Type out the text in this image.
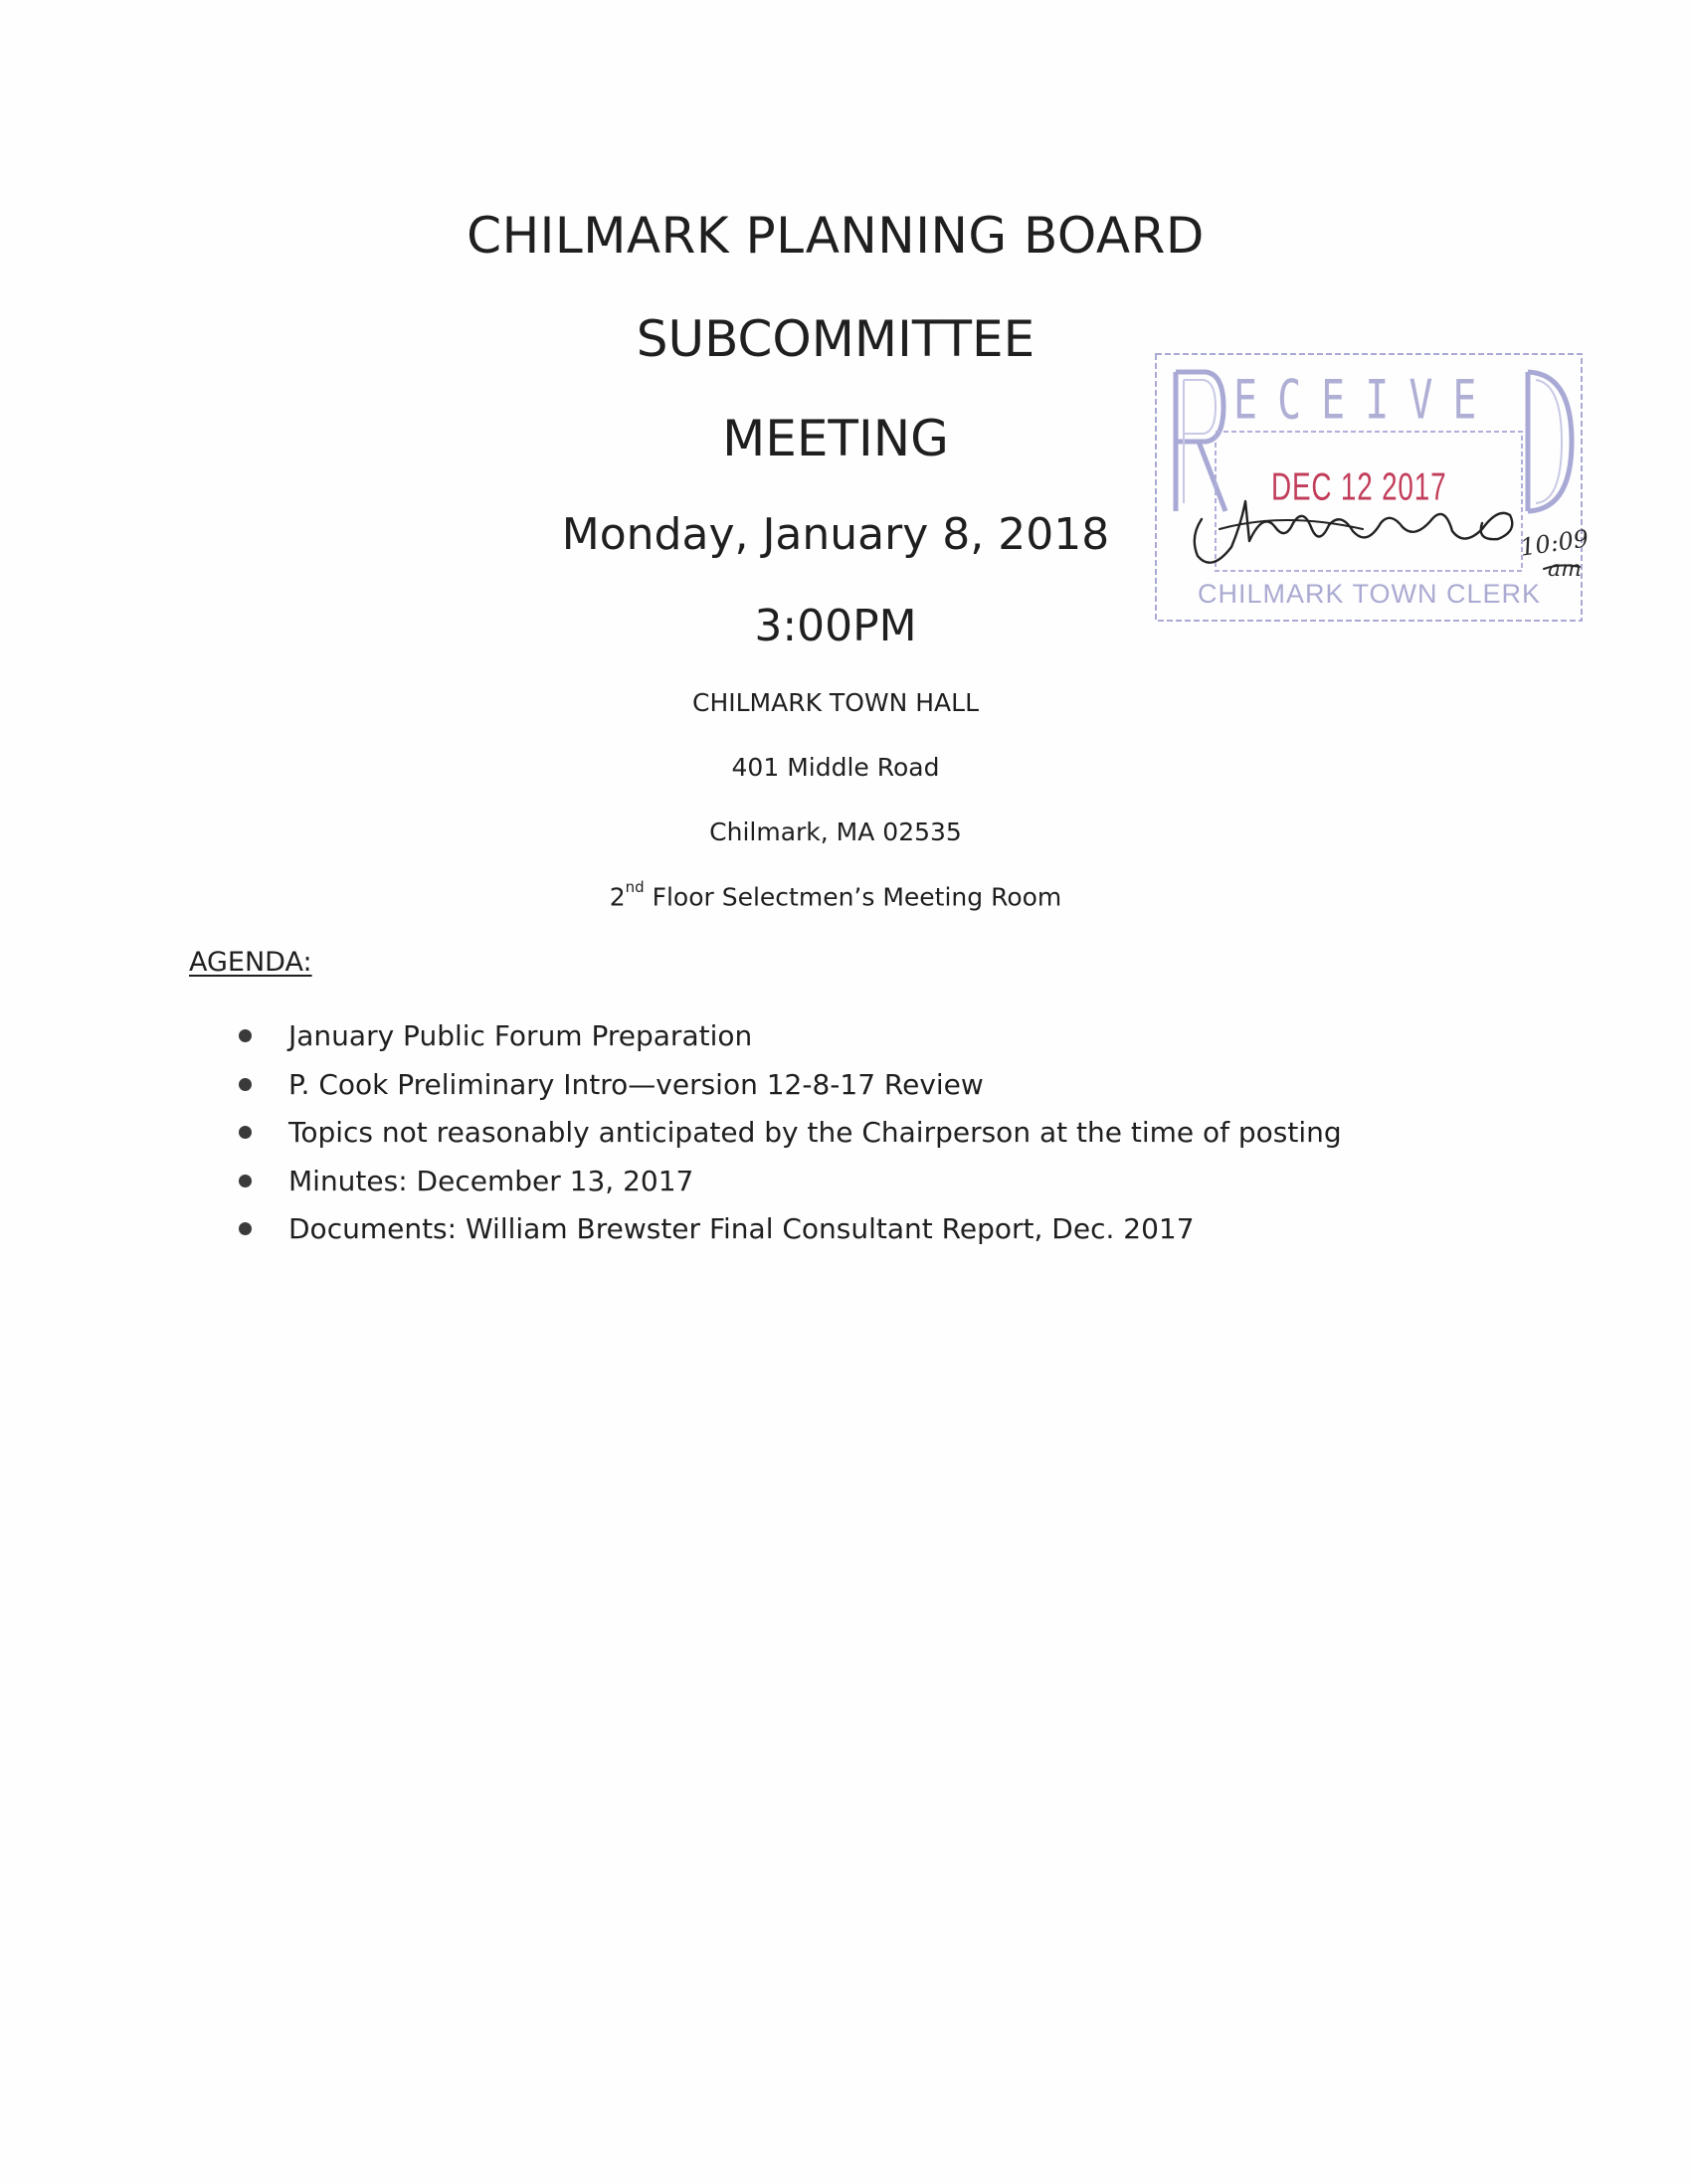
CHILMARK PLANNING BOARD
SUBCOMMITTEE
MEETING
Monday, January 8, 2018
3:00PM
CHILMARK TOWN HALL
401 Middle Road
Chilmark, MA 02535
2nd Floor Selectmen’s Meeting Room
AGENDA:
January Public Forum Preparation
P. Cook Preliminary Intro—version 12-8-17 Review
Topics not reasonably anticipated by the Chairperson at the time of posting
Minutes: December 13, 2017
Documents: William Brewster Final Consultant Report, Dec. 2017
ECEIVE
DEC 12 2017
CHILMARK TOWN CLERK
10:09
am
